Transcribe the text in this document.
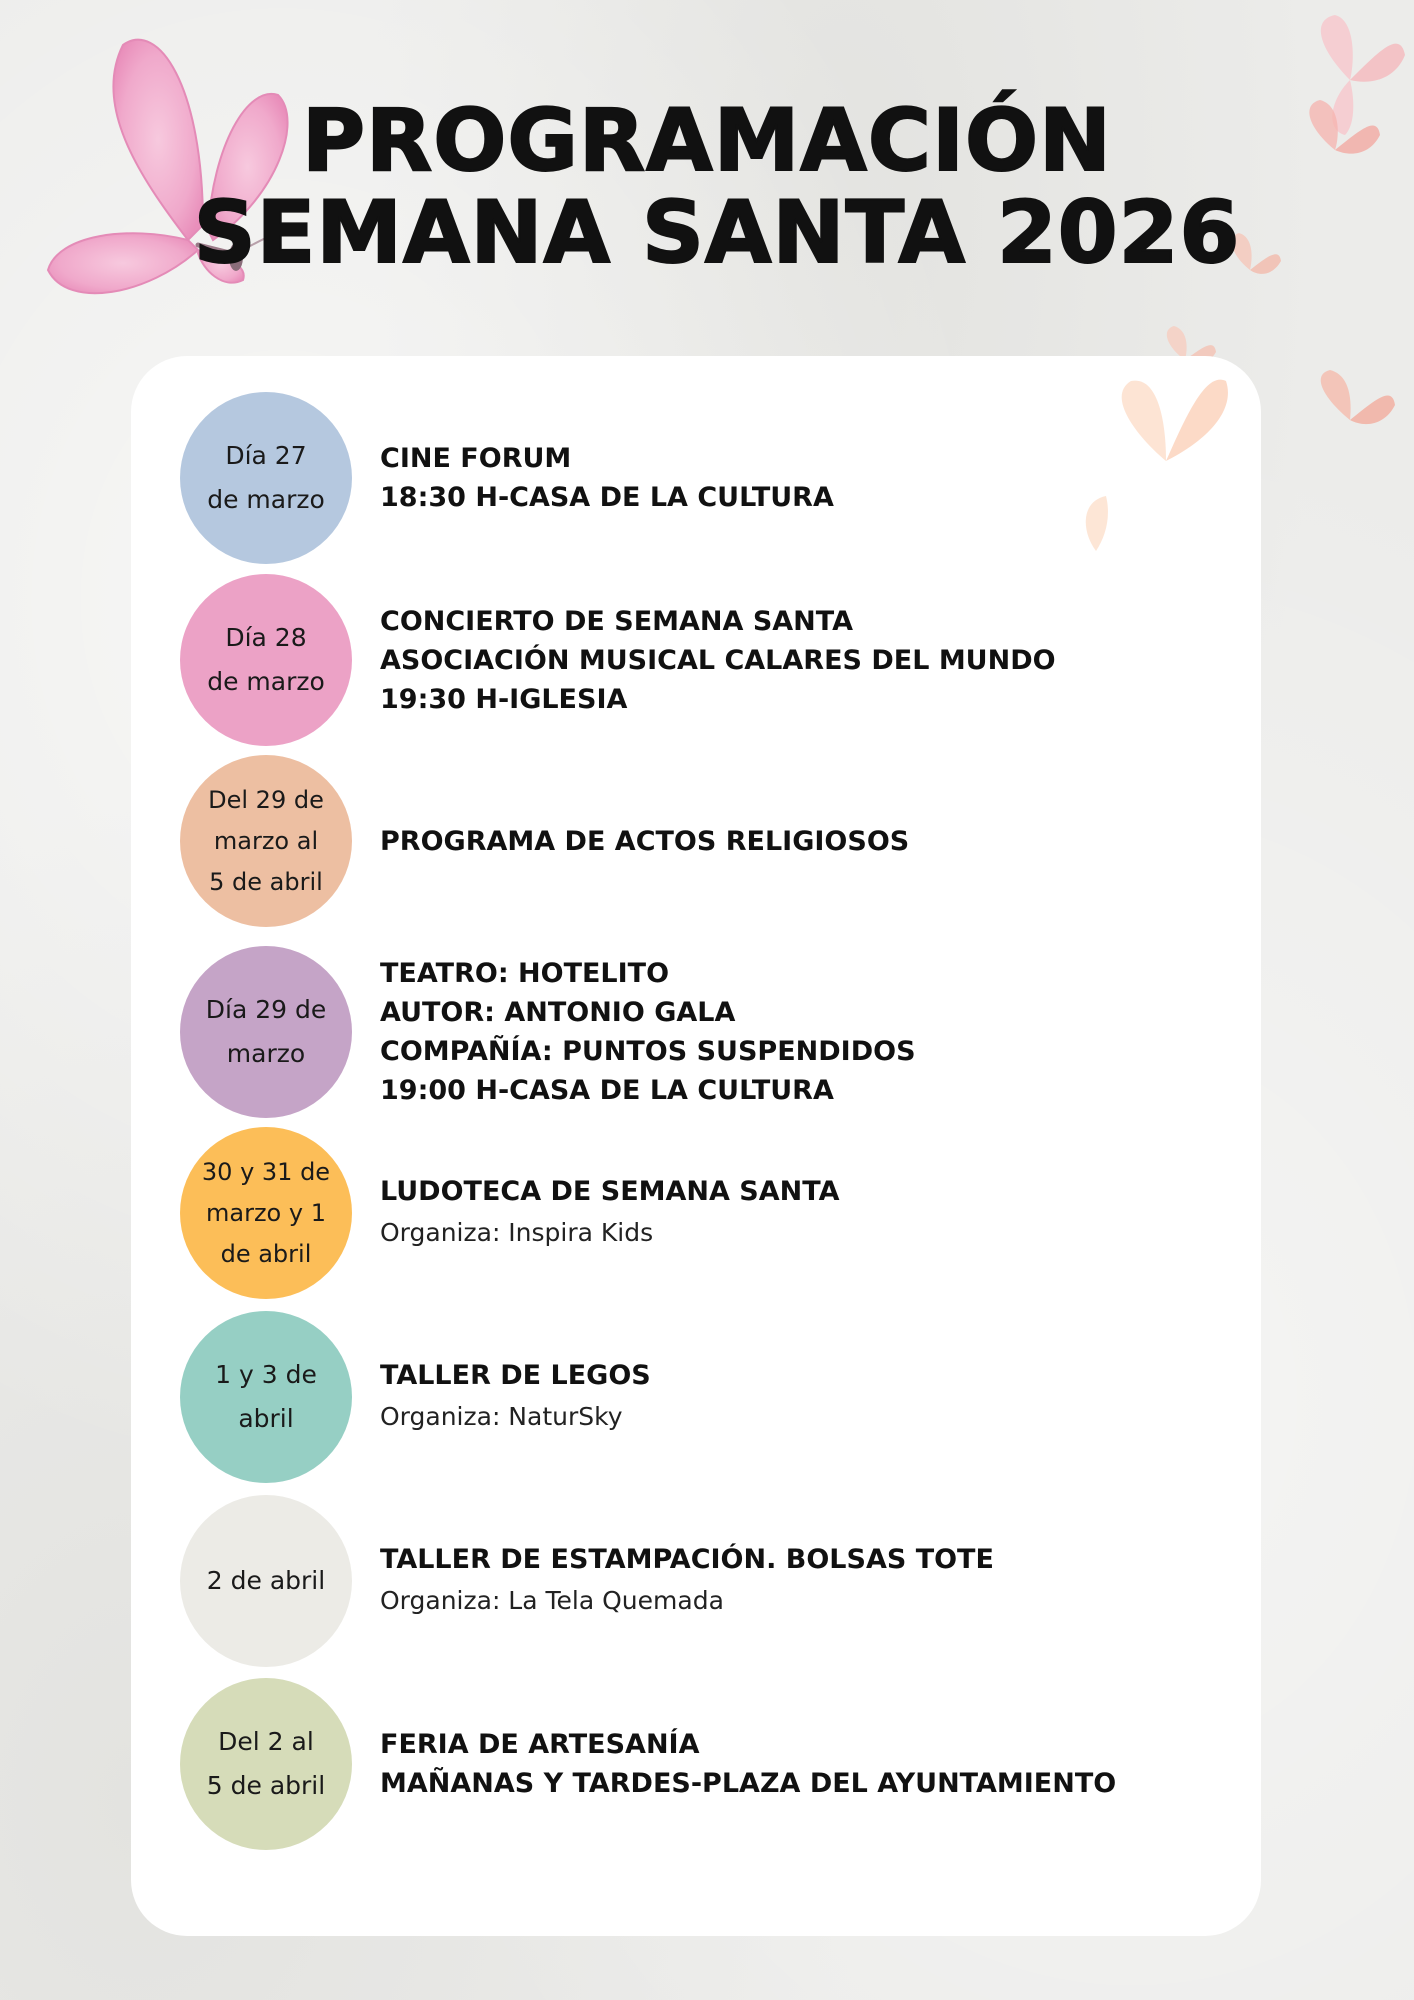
PROGRAMACIÓN
SEMANA SANTA 2026
Día 27
de marzo
CINE FORUM
18:30 H-CASA DE LA CULTURA
Día 28
de marzo
CONCIERTO DE SEMANA SANTA
ASOCIACIÓN MUSICAL CALARES DEL MUNDO
19:30 H-IGLESIA
Del 29 de
marzo al
5 de abril
PROGRAMA DE ACTOS RELIGIOSOS
Día 29 de
marzo
TEATRO: HOTELITO
AUTOR: ANTONIO GALA
COMPAÑÍA: PUNTOS SUSPENDIDOS
19:00 H-CASA DE LA CULTURA
30 y 31 de
marzo y 1
de abril
LUDOTECA DE SEMANA SANTA
Organiza: Inspira Kids
1 y 3 de
abril
TALLER DE LEGOS
Organiza: NaturSky
2 de abril
TALLER DE ESTAMPACIÓN. BOLSAS TOTE
Organiza: La Tela Quemada
Del 2 al
5 de abril
FERIA DE ARTESANÍA
MAÑANAS Y TARDES-PLAZA DEL AYUNTAMIENTO
